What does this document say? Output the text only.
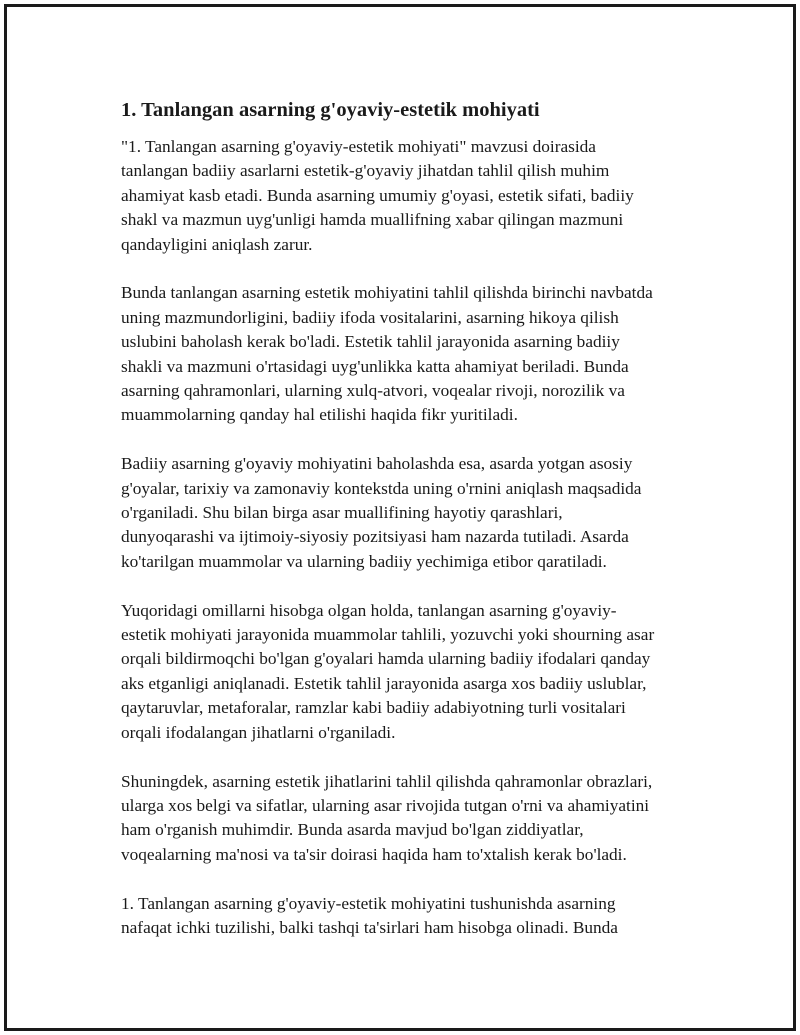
1. Tanlangan asarning g'oyaviy-estetik mohiyati
"1. Tanlangan asarning g'oyaviy-estetik mohiyati" mavzusi doirasida
tanlangan badiiy asarlarni estetik-g'oyaviy jihatdan tahlil qilish muhim
ahamiyat kasb etadi. Bunda asarning umumiy g'oyasi, estetik sifati, badiiy
shakl va mazmun uyg'unligi hamda muallifning xabar qilingan mazmuni
qandayligini aniqlash zarur.
Bunda tanlangan asarning estetik mohiyatini tahlil qilishda birinchi navbatda
uning mazmundorligini, badiiy ifoda vositalarini, asarning hikoya qilish
uslubini baholash kerak bo'ladi. Estetik tahlil jarayonida asarning badiiy
shakli va mazmuni o'rtasidagi uyg'unlikka katta ahamiyat beriladi. Bunda
asarning qahramonlari, ularning xulq-atvori, voqealar rivoji, norozilik va
muammolarning qanday hal etilishi haqida fikr yuritiladi.
Badiiy asarning g'oyaviy mohiyatini baholashda esa, asarda yotgan asosiy
g'oyalar, tarixiy va zamonaviy kontekstda uning o'rnini aniqlash maqsadida
o'rganiladi. Shu bilan birga asar muallifining hayotiy qarashlari,
dunyoqarashi va ijtimoiy-siyosiy pozitsiyasi ham nazarda tutiladi. Asarda
ko'tarilgan muammolar va ularning badiiy yechimiga etibor qaratiladi.
Yuqoridagi omillarni hisobga olgan holda, tanlangan asarning g'oyaviy-
estetik mohiyati jarayonida muammolar tahlili, yozuvchi yoki shourning asar
orqali bildirmoqchi bo'lgan g'oyalari hamda ularning badiiy ifodalari qanday
aks etganligi aniqlanadi. Estetik tahlil jarayonida asarga xos badiiy uslublar,
qaytaruvlar, metaforalar, ramzlar kabi badiiy adabiyotning turli vositalari
orqali ifodalangan jihatlarni o'rganiladi.
Shuningdek, asarning estetik jihatlarini tahlil qilishda qahramonlar obrazlari,
ularga xos belgi va sifatlar, ularning asar rivojida tutgan o'rni va ahamiyatini
ham o'rganish muhimdir. Bunda asarda mavjud bo'lgan ziddiyatlar,
voqealarning ma'nosi va ta'sir doirasi haqida ham to'xtalish kerak bo'ladi.
1. Tanlangan asarning g'oyaviy-estetik mohiyatini tushunishda asarning
nafaqat ichki tuzilishi, balki tashqi ta'sirlari ham hisobga olinadi. Bunda
